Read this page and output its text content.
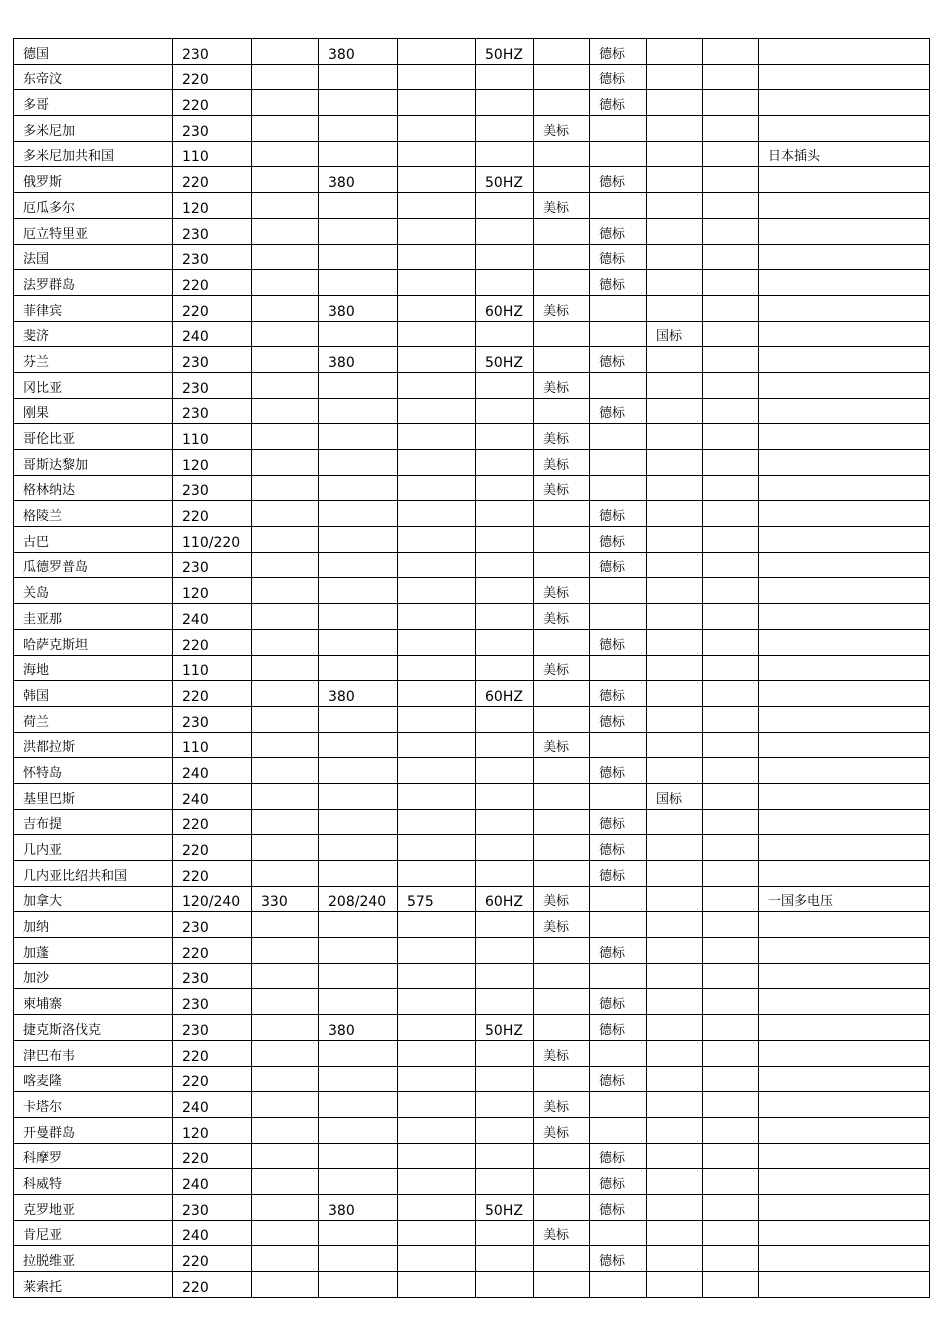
德国	230		380		50HZ		德标			
东帝汶	220						德标			
多哥	220						德标			
多米尼加	230					美标				
多米尼加共和国	110									日本插头
俄罗斯	220		380		50HZ		德标			
厄瓜多尔	120					美标				
厄立特里亚	230						德标			
法国	230						德标			
法罗群岛	220						德标			
菲律宾	220		380		60HZ	美标				
斐济	240							国标		
芬兰	230		380		50HZ		德标			
冈比亚	230					美标				
刚果	230						德标			
哥伦比亚	110					美标				
哥斯达黎加	120					美标				
格林纳达	230					美标				
格陵兰	220						德标			
古巴	110/220						德标			
瓜德罗普岛	230						德标			
关岛	120					美标				
圭亚那	240					美标				
哈萨克斯坦	220						德标			
海地	110					美标				
韩国	220		380		60HZ		德标			
荷兰	230						德标			
洪都拉斯	110					美标				
怀特岛	240						德标			
基里巴斯	240							国标		
吉布提	220						德标			
几内亚	220						德标			
几内亚比绍共和国	220						德标			
加拿大	120/240	330	208/240	575	60HZ	美标				一国多电压
加纳	230					美标				
加蓬	220						德标			
加沙	230									
柬埔寨	230						德标			
捷克斯洛伐克	230		380		50HZ		德标			
津巴布韦	220					美标				
喀麦隆	220						德标			
卡塔尔	240					美标				
开曼群岛	120					美标				
科摩罗	220						德标			
科威特	240						德标			
克罗地亚	230		380		50HZ		德标			
肯尼亚	240					美标				
拉脱维亚	220						德标			
莱索托	220									
